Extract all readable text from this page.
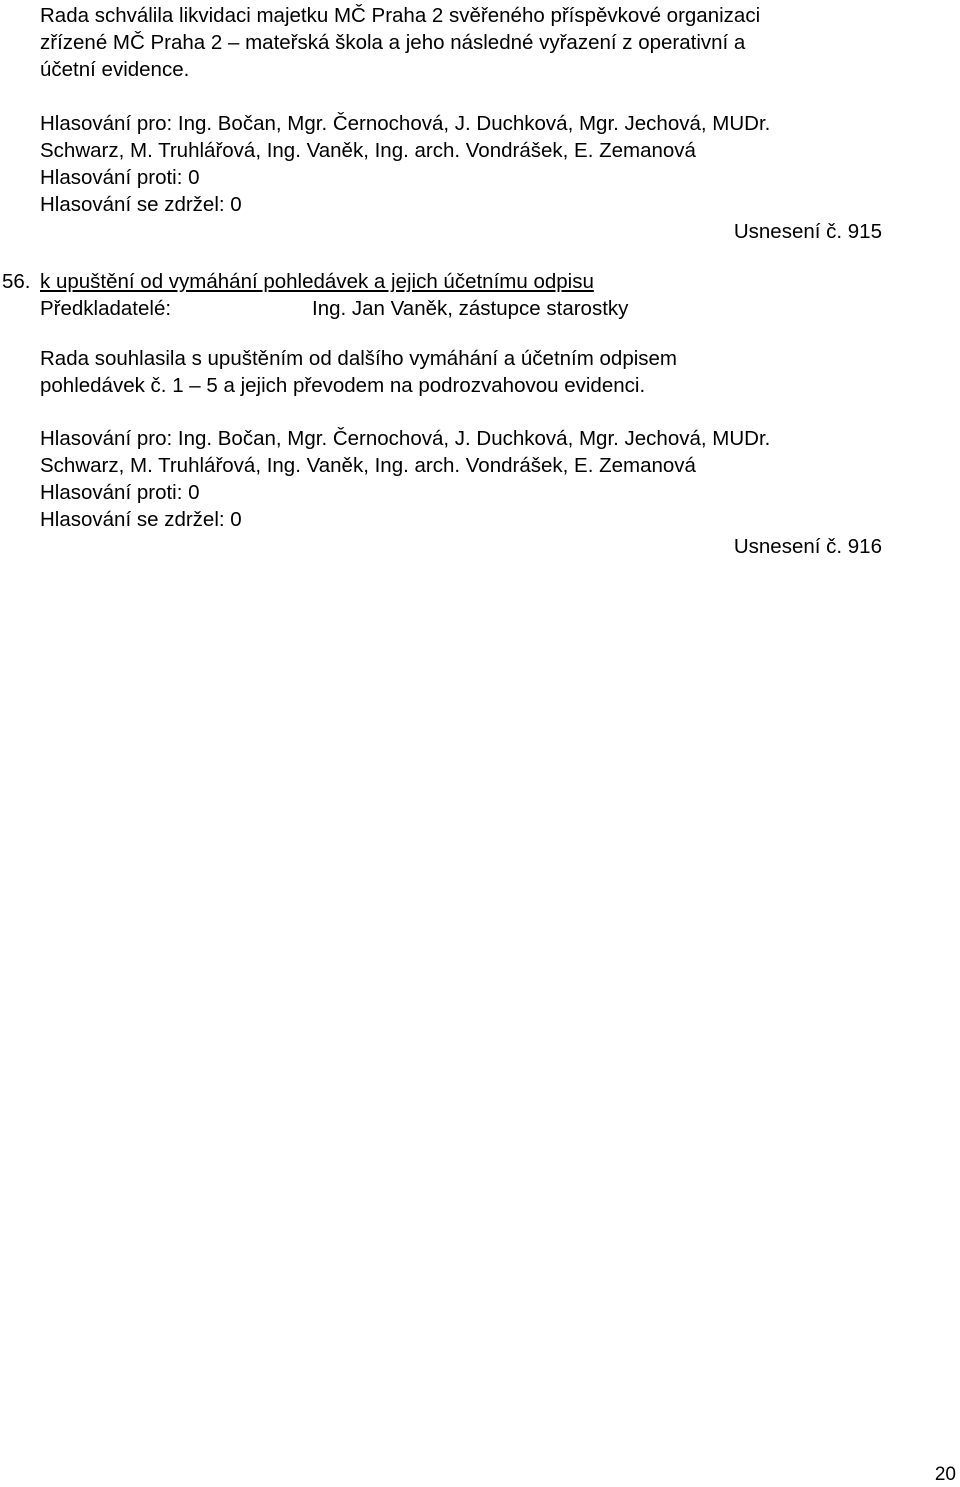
Rada schválila likvidaci majetku MČ Praha 2 svěřeného příspěvkové organizaci
zřízené MČ Praha 2 – mateřská škola a jeho následné vyřazení z operativní a
účetní evidence.
Hlasování pro: Ing. Bočan, Mgr. Černochová, J. Duchková, Mgr. Jechová, MUDr.
Schwarz, M. Truhlářová, Ing. Vaněk, Ing. arch. Vondrášek, E. Zemanová
Hlasování proti: 0
Hlasování se zdržel: 0
Usnesení č. 915
56. k upuštění od vymáhání pohledávek a jejich účetnímu odpisu
Předkladatelé:	Ing. Jan Vaněk, zástupce starostky
Rada souhlasila s upuštěním od dalšího vymáhání a účetním odpisem
pohledávek č. 1 – 5 a jejich převodem na podrozvahovou evidenci.
Hlasování pro: Ing. Bočan, Mgr. Černochová, J. Duchková, Mgr. Jechová, MUDr.
Schwarz, M. Truhlářová, Ing. Vaněk, Ing. arch. Vondrášek, E. Zemanová
Hlasování proti: 0
Hlasování se zdržel: 0
Usnesení č. 916
20
